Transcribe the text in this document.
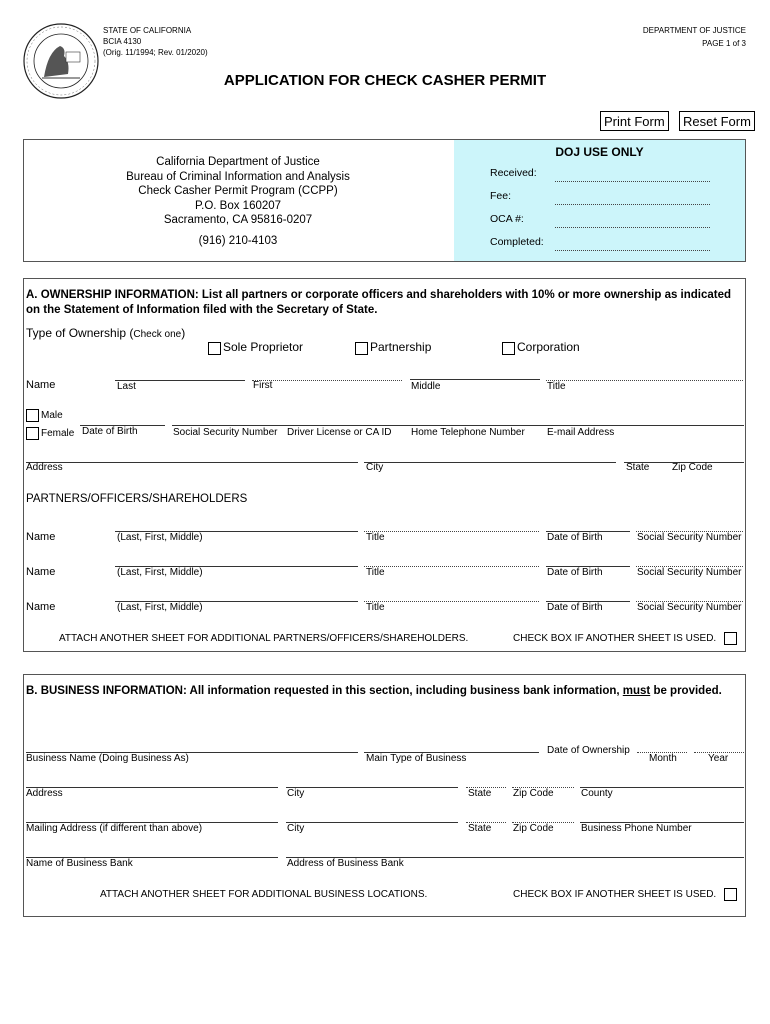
STATE OF CALIFORNIA
BCIA 4130
(Orig. 11/1994; Rev. 01/2020)
DEPARTMENT OF JUSTICE
PAGE 1 of 3
APPLICATION FOR CHECK CASHER PERMIT
Print Form	Reset Form
California Department of Justice
Bureau of Criminal Information and Analysis
Check Casher Permit Program (CCPP)
P.O. Box 160207
Sacramento, CA 95816-0207
(916) 210-4103
DOJ USE ONLY
Received:
Fee:
OCA #:
Completed:
A. OWNERSHIP INFORMATION: List all partners or corporate officers and shareholders with 10% or more ownership as indicated on the Statement of Information filed with the Secretary of State.
Type of Ownership (Check one)
Sole Proprietor	Partnership	Corporation
Name	Last	First	Middle	Title
Male
Female Date of Birth	Social Security Number Driver License or CA ID Home Telephone Number E-mail Address
Address	City	State Zip Code
PARTNERS/OFFICERS/SHAREHOLDERS
Name	(Last, First, Middle)	Title	Date of Birth	Social Security Number
Name	(Last, First, Middle)	Title	Date of Birth	Social Security Number
Name	(Last, First, Middle)	Title	Date of Birth	Social Security Number
ATTACH ANOTHER SHEET FOR ADDITIONAL PARTNERS/OFFICERS/SHAREHOLDERS.	CHECK BOX IF ANOTHER SHEET IS USED.
B. BUSINESS INFORMATION: All information requested in this section, including business bank information, must be provided.
Business Name (Doing Business As)	Main Type of Business
Date of Ownership
Month	Year
Address	City	State Zip Code	County
Mailing Address (if different than above)	City	State Zip Code	Business Phone Number
Name of Business Bank	Address of Business Bank
ATTACH ANOTHER SHEET FOR ADDITIONAL BUSINESS LOCATIONS.	CHECK BOX IF ANOTHER SHEET IS USED.
